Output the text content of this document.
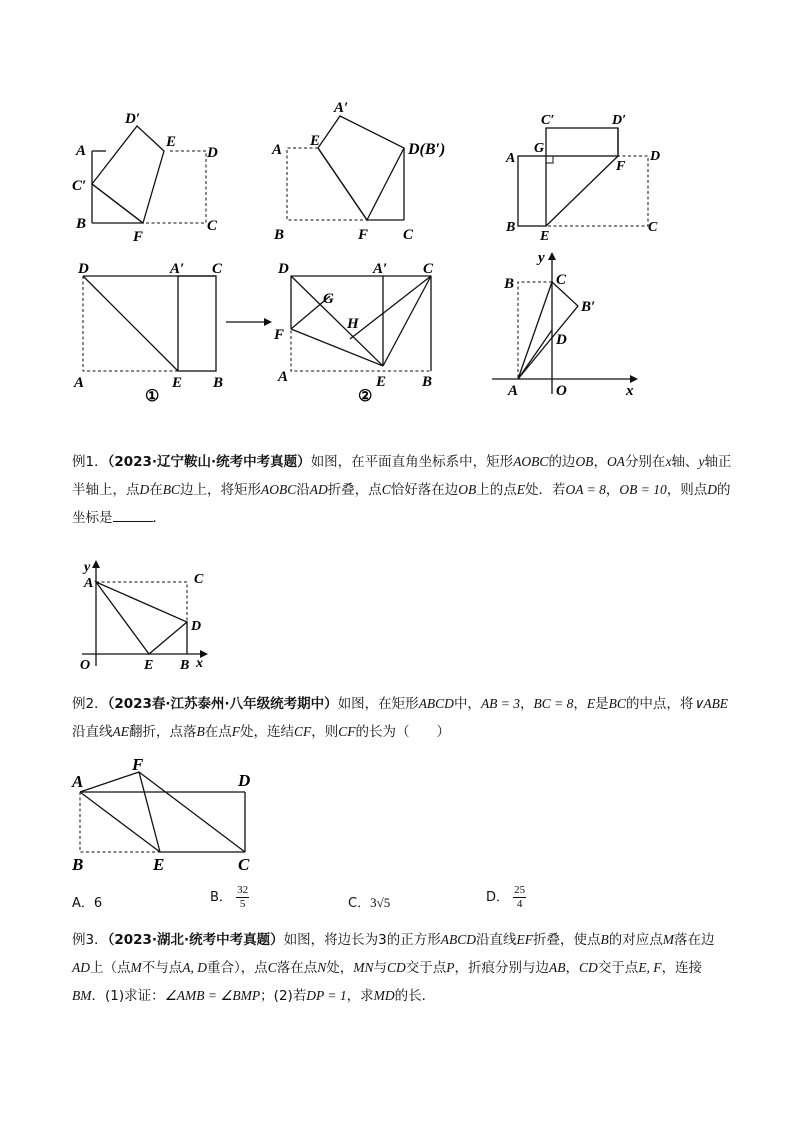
A
B
C′
D′
E
F
C
D
A′
E
A	D(B′)
B	F C
C′	D′
A
G
D
F
B
E
C
D	A′ C
A	E B
①
D	A′ C
G
H
F
A	E B
②
y
B	C
B′
D
A	O	x
例1．（2023·辽宁鞍山·统考中考真题）如图，在平面直角坐标系中，矩形AOBC的边OB，OA分别在x轴、y轴正半轴上，点D在BC边上，将矩形AOBC沿AD折叠，点C恰好落在边OB上的点E处．若OA = 8，OB = 10，则点D的坐标是	．
y
A	C
D
O	E B x
例2．（2023春·江苏泰州·八年级统考期中）如图，在矩形ABCD中，AB = 3，BC = 8，E是BC的中点，将∨ABE沿直线AE翻折，点落B在点F处，连结CF，则CF的长为（　　）
A
F
D
B	E	C
A．6	B． $\frac{32}{5}$	C．3√5	D． $\frac{25}{4}$
例3．（2023·湖北·统考中考真题）如图，将边长为3的正方形ABCD沿直线EF折叠，使点B的对应点M落在边AD上（点M不与点A, D重合），点C落在点N处，MN与CD交于点P，折痕分别与边AB，CD交于点E, F，连接BM．(1)求证：∠AMB = ∠BMP；(2)若DP = 1，求MD的长．
